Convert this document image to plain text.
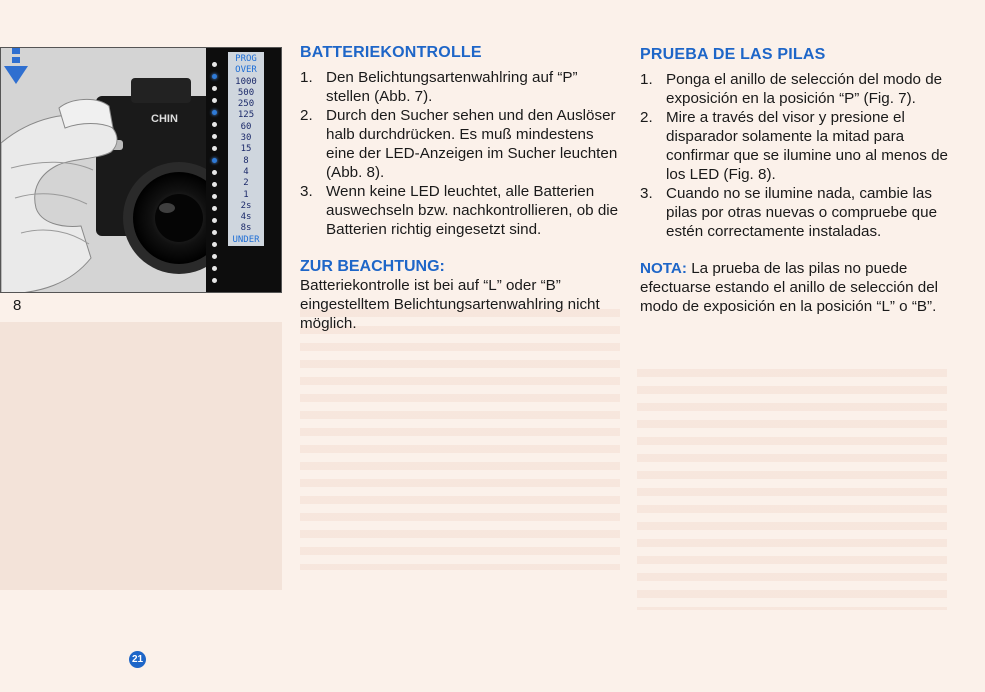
CHIN
PROG
OVER
1000
500
250
125
60
30
15
8
4
2
1
2s
4s
8s
UNDER
8
BATTERIEKONTROLLE
1. Den Belichtungsartenwahlring auf “P” stellen (Abb. 7).
2. Durch den Sucher sehen und den Auslöser halb durchdrücken. Es muß mindestens eine der LED-Anzeigen im Sucher leuchten (Abb. 8).
3. Wenn keine LED leuchtet, alle Batterien auswechseln bzw. nachkontrollieren, ob die Batterien richtig eingesetzt sind.
ZUR BEACHTUNG:
Batteriekontrolle ist bei auf “L” oder “B” eingestelltem Belichtungsartenwahlring nicht möglich.
PRUEBA DE LAS PILAS
1. Ponga el anillo de selección del modo de exposición en la posición “P” (Fig. 7).
2. Mire a través del visor y presione el disparador solamente la mitad para confirmar que se ilumine uno al menos de los LED (Fig. 8).
3. Cuando no se ilumine nada, cambie las pilas por otras nuevas o compruebe que estén correctamente instaladas.
NOTA: La prueba de las pilas no puede efectuarse estando el anillo de selección del modo de exposición en la posición “L” o “B”.
21
